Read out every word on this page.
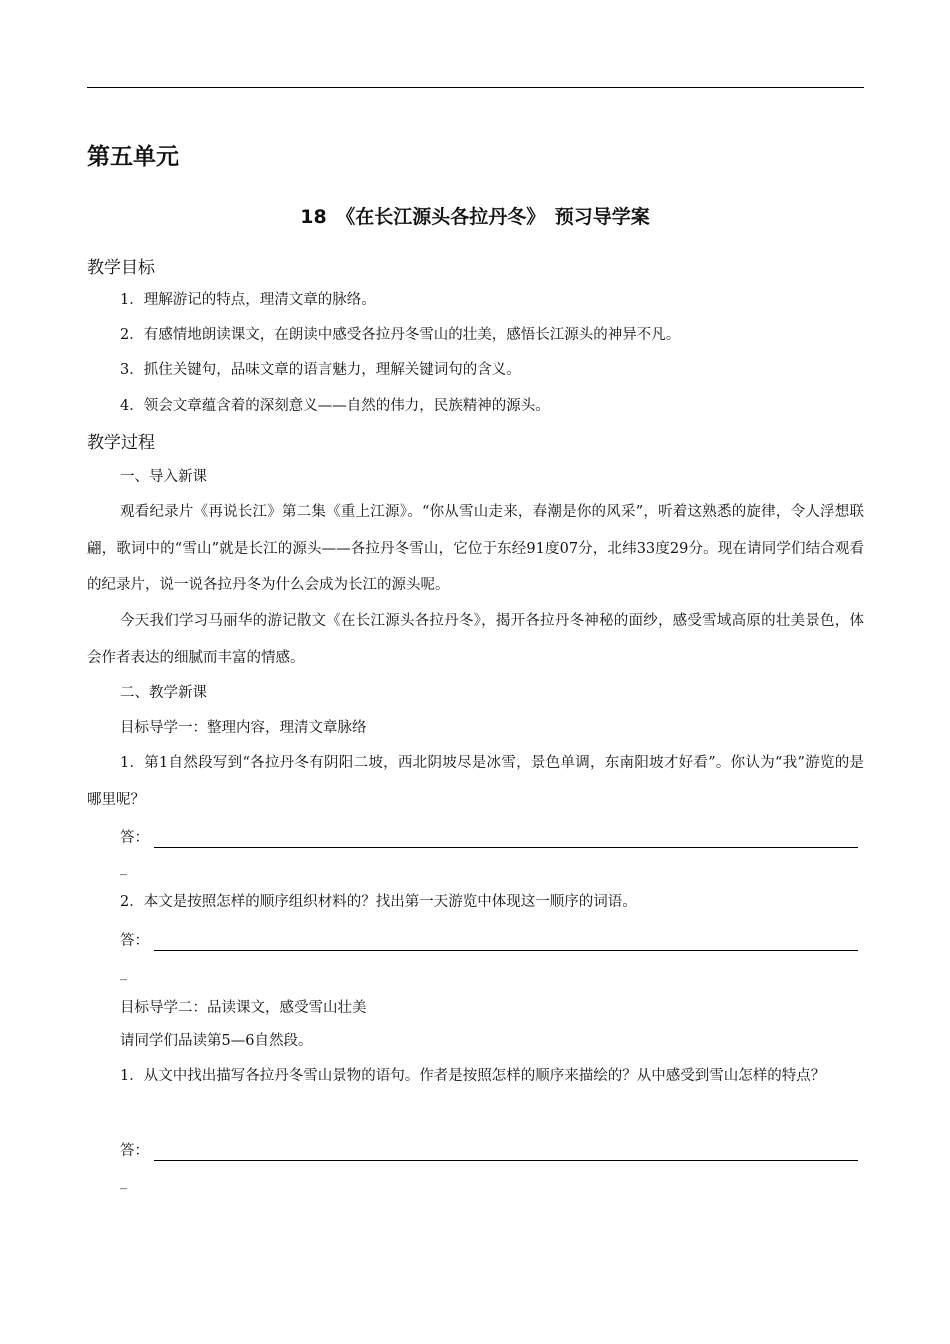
第五单元
18　《在长江源头各拉丹冬》　预习导学案
教学目标
1．理解游记的特点，理清文章的脉络。
2．有感情地朗读课文，在朗读中感受各拉丹冬雪山的壮美，感悟长江源头的神异不凡。
3．抓住关键句，品味文章的语言魅力，理解关键词句的含义。
4．领会文章蕴含着的深刻意义——自然的伟力，民族精神的源头。
教学过程
一、导入新课
观看纪录片《再说长江》第二集《重上江源》。“你从雪山走来，春潮是你的风采”，听着这熟悉的旋律，令人浮想联翩，歌词中的“雪山”就是长江的源头——各拉丹冬雪山，它位于东经91度07分，北纬33度29分。现在请同学们结合观看的纪录片，说一说各拉丹冬为什么会成为长江的源头呢。
今天我们学习马丽华的游记散文《在长江源头各拉丹冬》，揭开各拉丹冬神秘的面纱，感受雪域高原的壮美景色，体会作者表达的细腻而丰富的情感。
二、教学新课
目标导学一：整理内容，理清文章脉络
1．第1自然段写到“各拉丹冬有阴阳二坡，西北阴坡尽是冰雪，景色单调，东南阳坡才好看”。你认为“我”游览的是哪里呢？
答：
_
2．本文是按照怎样的顺序组织材料的？找出第一天游览中体现这一顺序的词语。
答：
_
目标导学二：品读课文，感受雪山壮美
请同学们品读第5—6自然段。
1．从文中找出描写各拉丹冬雪山景物的语句。作者是按照怎样的顺序来描绘的？从中感受到雪山怎样的特点？
答：
_
